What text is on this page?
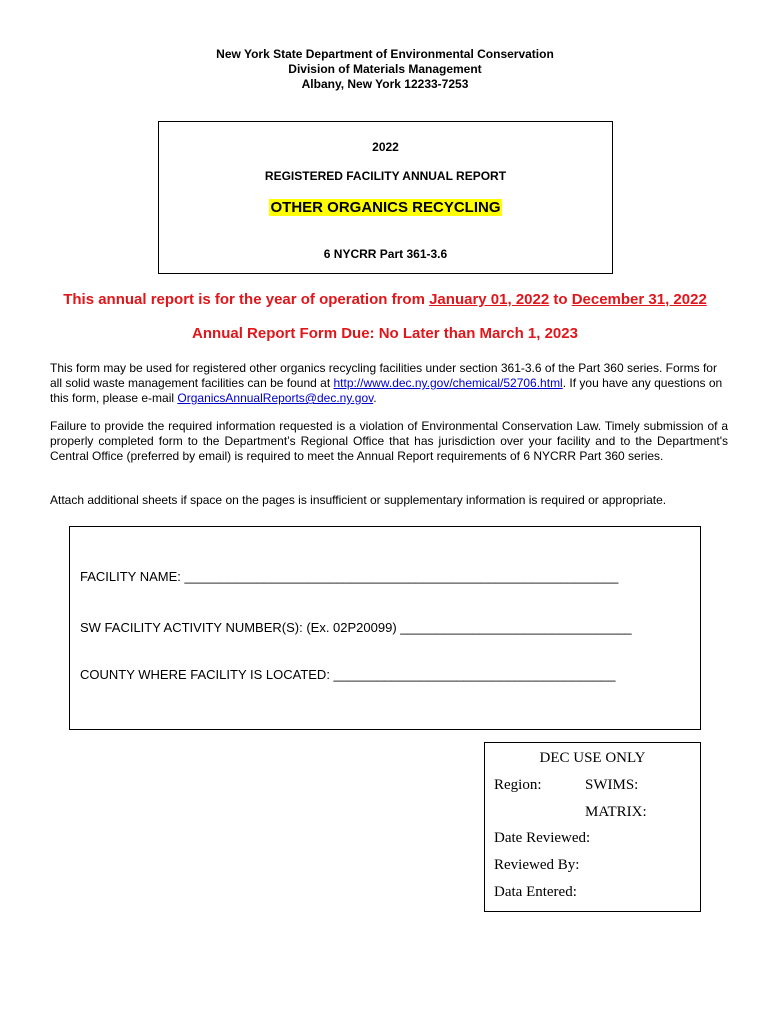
New York State Department of Environmental Conservation
Division of Materials Management
Albany, New York 12233-7253
2022
REGISTERED FACILITY ANNUAL REPORT
OTHER ORGANICS RECYCLING
6 NYCRR Part 361-3.6
This annual report is for the year of operation from January 01, 2022 to December 31, 2022
Annual Report Form Due: No Later than March 1, 2023
This form may be used for registered other organics recycling facilities under section 361-3.6 of the Part 360 series. Forms for all solid waste management facilities can be found at http://www.dec.ny.gov/chemical/52706.html. If you have any questions on this form, please e-mail OrganicsAnnualReports@dec.ny.gov.
Failure to provide the required information requested is a violation of Environmental Conservation Law. Timely submission of a properly completed form to the Department’s Regional Office that has jurisdiction over your facility and to the Department's Central Office (preferred by email) is required to meet the Annual Report requirements of 6 NYCRR Part 360 series.
Attach additional sheets if space on the pages is insufficient or supplementary information is required or appropriate.
FACILITY NAME: ____________________________________________________________
SW FACILITY ACTIVITY NUMBER(S): (Ex. 02P20099) ________________________________
COUNTY WHERE FACILITY IS LOCATED: _______________________________________
DEC USE ONLY
Region:	SWIMS:
MATRIX:
Date Reviewed:
Reviewed By:
Data Entered:
